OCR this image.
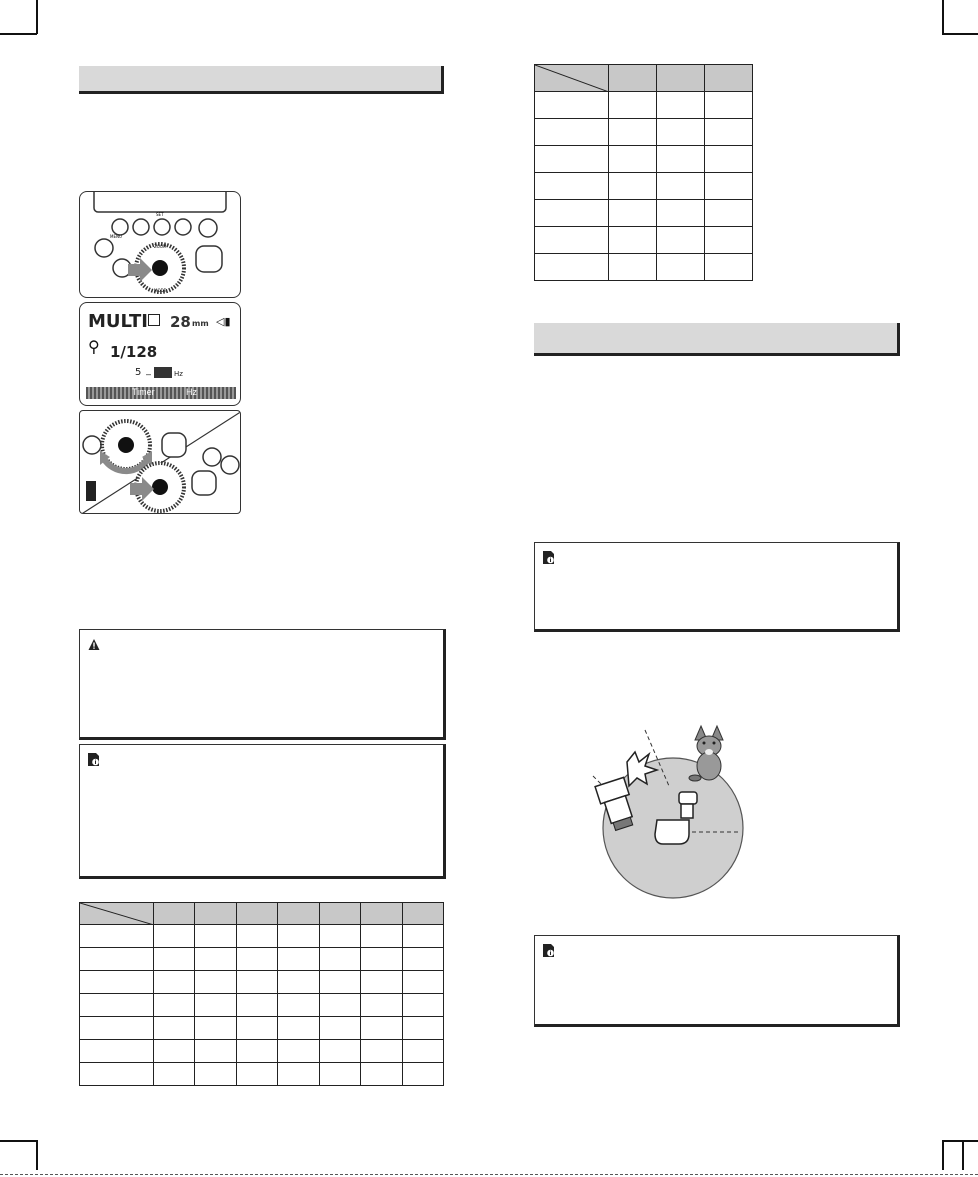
ZOOM
MODE
MENU
SET
MULTI 28 mm ◁▮
⚲ 1/128
5 –	Hz
Timer	Hz
